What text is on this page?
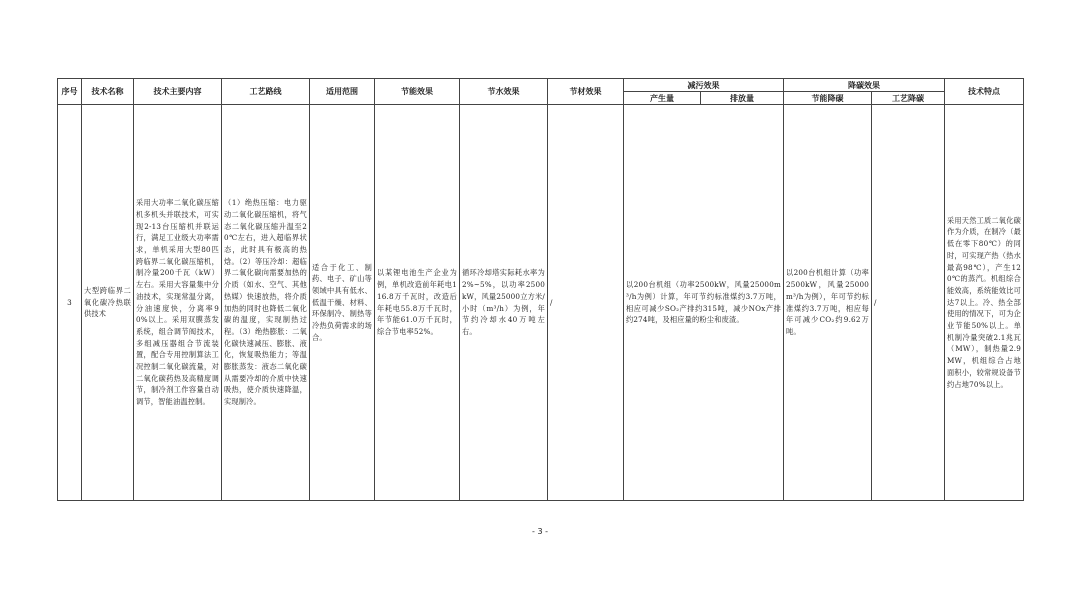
序号	技术名称	技术主要内容	工艺路线	适用范围	节能效果	节水效果	节材效果	减污效果		降碳效果		技术特点
								产生量	排放量	节能降碳	工艺降碳	
3	大型跨临界二氧化碳冷热联供技术	采用大功率二氧化碳压缩机多机头并联技术，可实现2-13台压缩机并联运行，满足工业级大功率需求，单机采用大型80匹跨临界二氧化碳压缩机，制冷量200千瓦（kW）左右。采用大容量集中分油技术，实现常温分离，分油速度快，分离率90%以上。采用双膜蒸发系统，组合调节阀技术，多组减压器组合节流装置，配合专用控制算法工况控制二氧化碳流量，对二氧化碳药热及高精度调节，制冷剂工作容量自动调节，智能油温控制。	（1）绝热压缩：电力驱动二氧化碳压缩机，将气态二氧化碳压缩升温至20℃左右，进入超临界状态，此时具有极高的热焓。（2）等压冷却：超临界二氧化碳向需要加热的介质（如水、空气、其他热媒）快速放热，将介质加热的同时也降低二氧化碳的温度，实现制热过程。（3）绝热膨胀：二氧化碳快速减压、膨胀、液化，恢复吸热能力；等温膨胀蒸发：液态二氧化碳从需要冷却的介质中快速吸热，使介质快速降温，实现制冷。	适合于化工、制药、电子、矿山等领域中具有低水、低温干燥、材料、环保制冷、制热等冷热负荷需求的场合。	以某锂电池生产企业为例，单机改造前年耗电116.8万千瓦时，改造后年耗电55.8万千瓦时，年节能61.0万千瓦时，综合节电率52%。	循环冷却塔实际耗水率为2%~5%，以功率2500kW，风量25000立方米/小时（m³/h）为例，年节约冷却水40万吨左右。	/	以200台机组（功率2500kW，风量25000m³/h为例）计算，年可节约标准煤约3.7万吨，相应可减少SO₂产排约315吨，减少NOx产排约274吨，及相应量的粉尘和废渣。		以200台机组计算（功率2500kW，风量25000m³/h为例），年可节约标准煤约3.7万吨，相应每年可减少CO₂约9.62万吨。	/	采用天然工质二氧化碳作为介质，在制冷（最低在零下80℃）的同时，可实现产热（热水最高98℃），产生120℃的蒸汽。机组综合能效高，系统能效比可达7以上。冷、热全部使用的情况下，可为企业节能50%以上。单机制冷量突破2.1兆瓦（MW），制热量2.9MW，机组综合占地面积小，较常规设备节约占地70%以上。
- 3 -
